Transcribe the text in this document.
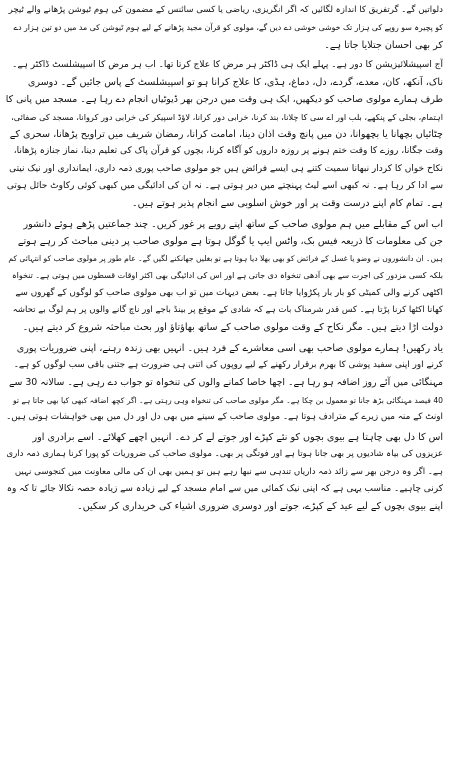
دلواتیں گے۔ گرتفریق کا اندازہ لگائیں کہ اگر انگریزی، ریاضی یا کسی سائنس کے مضمون کی ہوم ٹیوشن پڑھانے والے ٹیچر
کو پچیرہ سو روپے کی ہزار تک خوشی خوشی دے دیں گے، مولوی کو قرآن مجید پڑھانے کے لیے ہوم ٹیوشن کی مد میں دو تین ہزار دے
کر بھی احسان جتلایا جاتا ہے۔
آج اسپیشلائیزیشن کا دور ہے۔ پہلے ایک ہی ڈاکٹر ہر مرض کا علاج کرتا تھا۔ اب ہر مرض کا اسپیشلسٹ ڈاکٹر ہے۔
ناک، آنکھ، کان، معدے، گردے، دل، دماغ، ہڈی، کا علاج کرانا ہو تو اسپیشلسٹ کے پاس جائیں گے۔ دوسری
طرف ہمارے مولوی صاحب کو دیکھیں، ایک ہی وقت میں درجن بھر ڈیوٹیاں انجام دے رہا ہے۔ مسجد میں پانی کا
اہتمام، بجلی کے پنکھے، بلب اور اے سی کا چلانا، بند کرنا، خرابی دور کرانا، لاؤڈ اسپیکر کی خرابی دور کروانا، مسجد کی صفائی،
چٹائیاں بچھانا یا بچھوانا، دن میں پانچ وقت اذان دینا، امامت کرانا، رمضان شریف میں تراویح پڑھانا، سحری کے
وقت جگانا، روزے کا وقت ختم ہونے پر روزہ داروں کو آگاہ کرنا، بچوں کو قرآن پاک کی تعلیم دینا، نماز جنازہ پڑھانا،
نکاح خواں کا کردار نبھانا سمیت کتنے ہی ایسے فرائض ہیں جو مولوی صاحب پوری ذمہ داری، ایمانداری اور نیک نیتی
سے ادا کر رہا ہے۔ نہ کبھی اسے لیٹ پہنچتے میں دیر ہوتی ہے۔ نہ ان کی ادائیگی میں کبھی کوئی رکاوٹ حائل ہوتی
ہے۔ تمام کام اپنے درست وقت پر اور خوش اسلوبی سے انجام پذیر ہوتے ہیں۔
اب اس کے مقابلے میں ہم مولوی صاحب کے ساتھ اپنے رویے پر غور کریں۔ چند جماعتیں پڑھے ہوئے دانشور
جن کی معلومات کا ذریعہ فیس بک، واٹس ایپ یا گوگل ہوتا ہے مولوی صاحب پر دینی مباحث کر رہے ہوتے
ہیں۔ ان دانشوروں نے وضو یا غسل کے فرائض کو بھی بھلا دیا ہوتا ہے تو بغلیں جھانکنے لگیں گے۔ عام طور پر مولوی صاحب کو انتہائی کم
بلکہ کسی مزدور کی اجرت سے بھی آدھی تنخواہ دی جاتی ہے اور اس کی ادائیگی بھی اکثر اوقات قسطوں میں ہوتی ہے۔ تنخواہ
اکٹھی کرنے والی کمیٹی کو بار بار پکڑوایا جاتا ہے۔ بعض دیہات میں تو اب بھی مولوی صاحب کو لوگوں کے گھروں سے
کھانا اکٹھا کرنا پڑتا ہے۔ کس قدر شرمناک بات ہے کہ شادی کے موقع پر بینڈ باجے اور ناچ گانے والوں پر ہم لوگ بے تحاشہ
دولت اڑا دیتے ہیں۔ مگر نکاح کے وقت مولوی صاحب کے ساتھ بھاؤتاؤ اور بحث مباحثہ شروع کر دیتے ہیں۔
یاد رکھیں! ہمارے مولوی صاحب بھی اسی معاشرے کے فرد ہیں۔ انہیں بھی زندہ رہنے، اپنی ضروریات پوری
کرنے اور اپنی سفید پوشی کا بھرم برقرار رکھنے کے لیے روپوں کی اتنی ہی ضرورت ہے جتنی باقی سب لوگوں کو ہے۔
مہنگائی میں آئے روز اضافہ ہو رہا ہے۔ اچھا خاصا کمانے والوں کی تنخواہ تو جواب دے رہی ہے۔ سالانہ 30 سے
40 فیصد مہنگائی بڑھ جانا تو معمول بن چکا ہے۔ مگر مولوی صاحب کی تنخواہ وہی رہتی ہے۔ اگر کچھ اضافہ کبھی کیا بھی جاتا ہے تو
اونٹ کے منہ میں زیرے کے مترادف ہوتا ہے۔ مولوی صاحب کے سینے میں بھی دل اور دل میں بھی خواہشات ہوتی ہیں۔
اس کا دل بھی چاہتا ہے بیوی بچوں کو نئے کپڑے اور جوتے لے کر دے۔ انہیں اچھے کھلائے۔ اسے برادری اور
عزیزوں کی بیاہ شادیوں پر بھی جانا ہوتا ہے اور فوتگی پر بھی۔ مولوی صاحب کی ضروریات کو پورا کرنا ہماری ذمہ داری
ہے۔ اگر وہ درجن بھر سے زائد ذمہ داریاں تندہی سے نبھا رہے ہیں تو ہمیں بھی ان کی مالی معاونت میں کنجوسی نہیں
کرنی چاہیے۔ مناسب یہی ہے کہ اپنی نیک کمائی میں سے امام مسجد کے لیے زیادہ سے زیادہ حصہ نکالا جائے تا کہ وہ
اپنے بیوی بچوں کے لیے عید کے کپڑے، جوتے اور دوسری ضروری اشیاء کی خریداری کر سکیں۔
